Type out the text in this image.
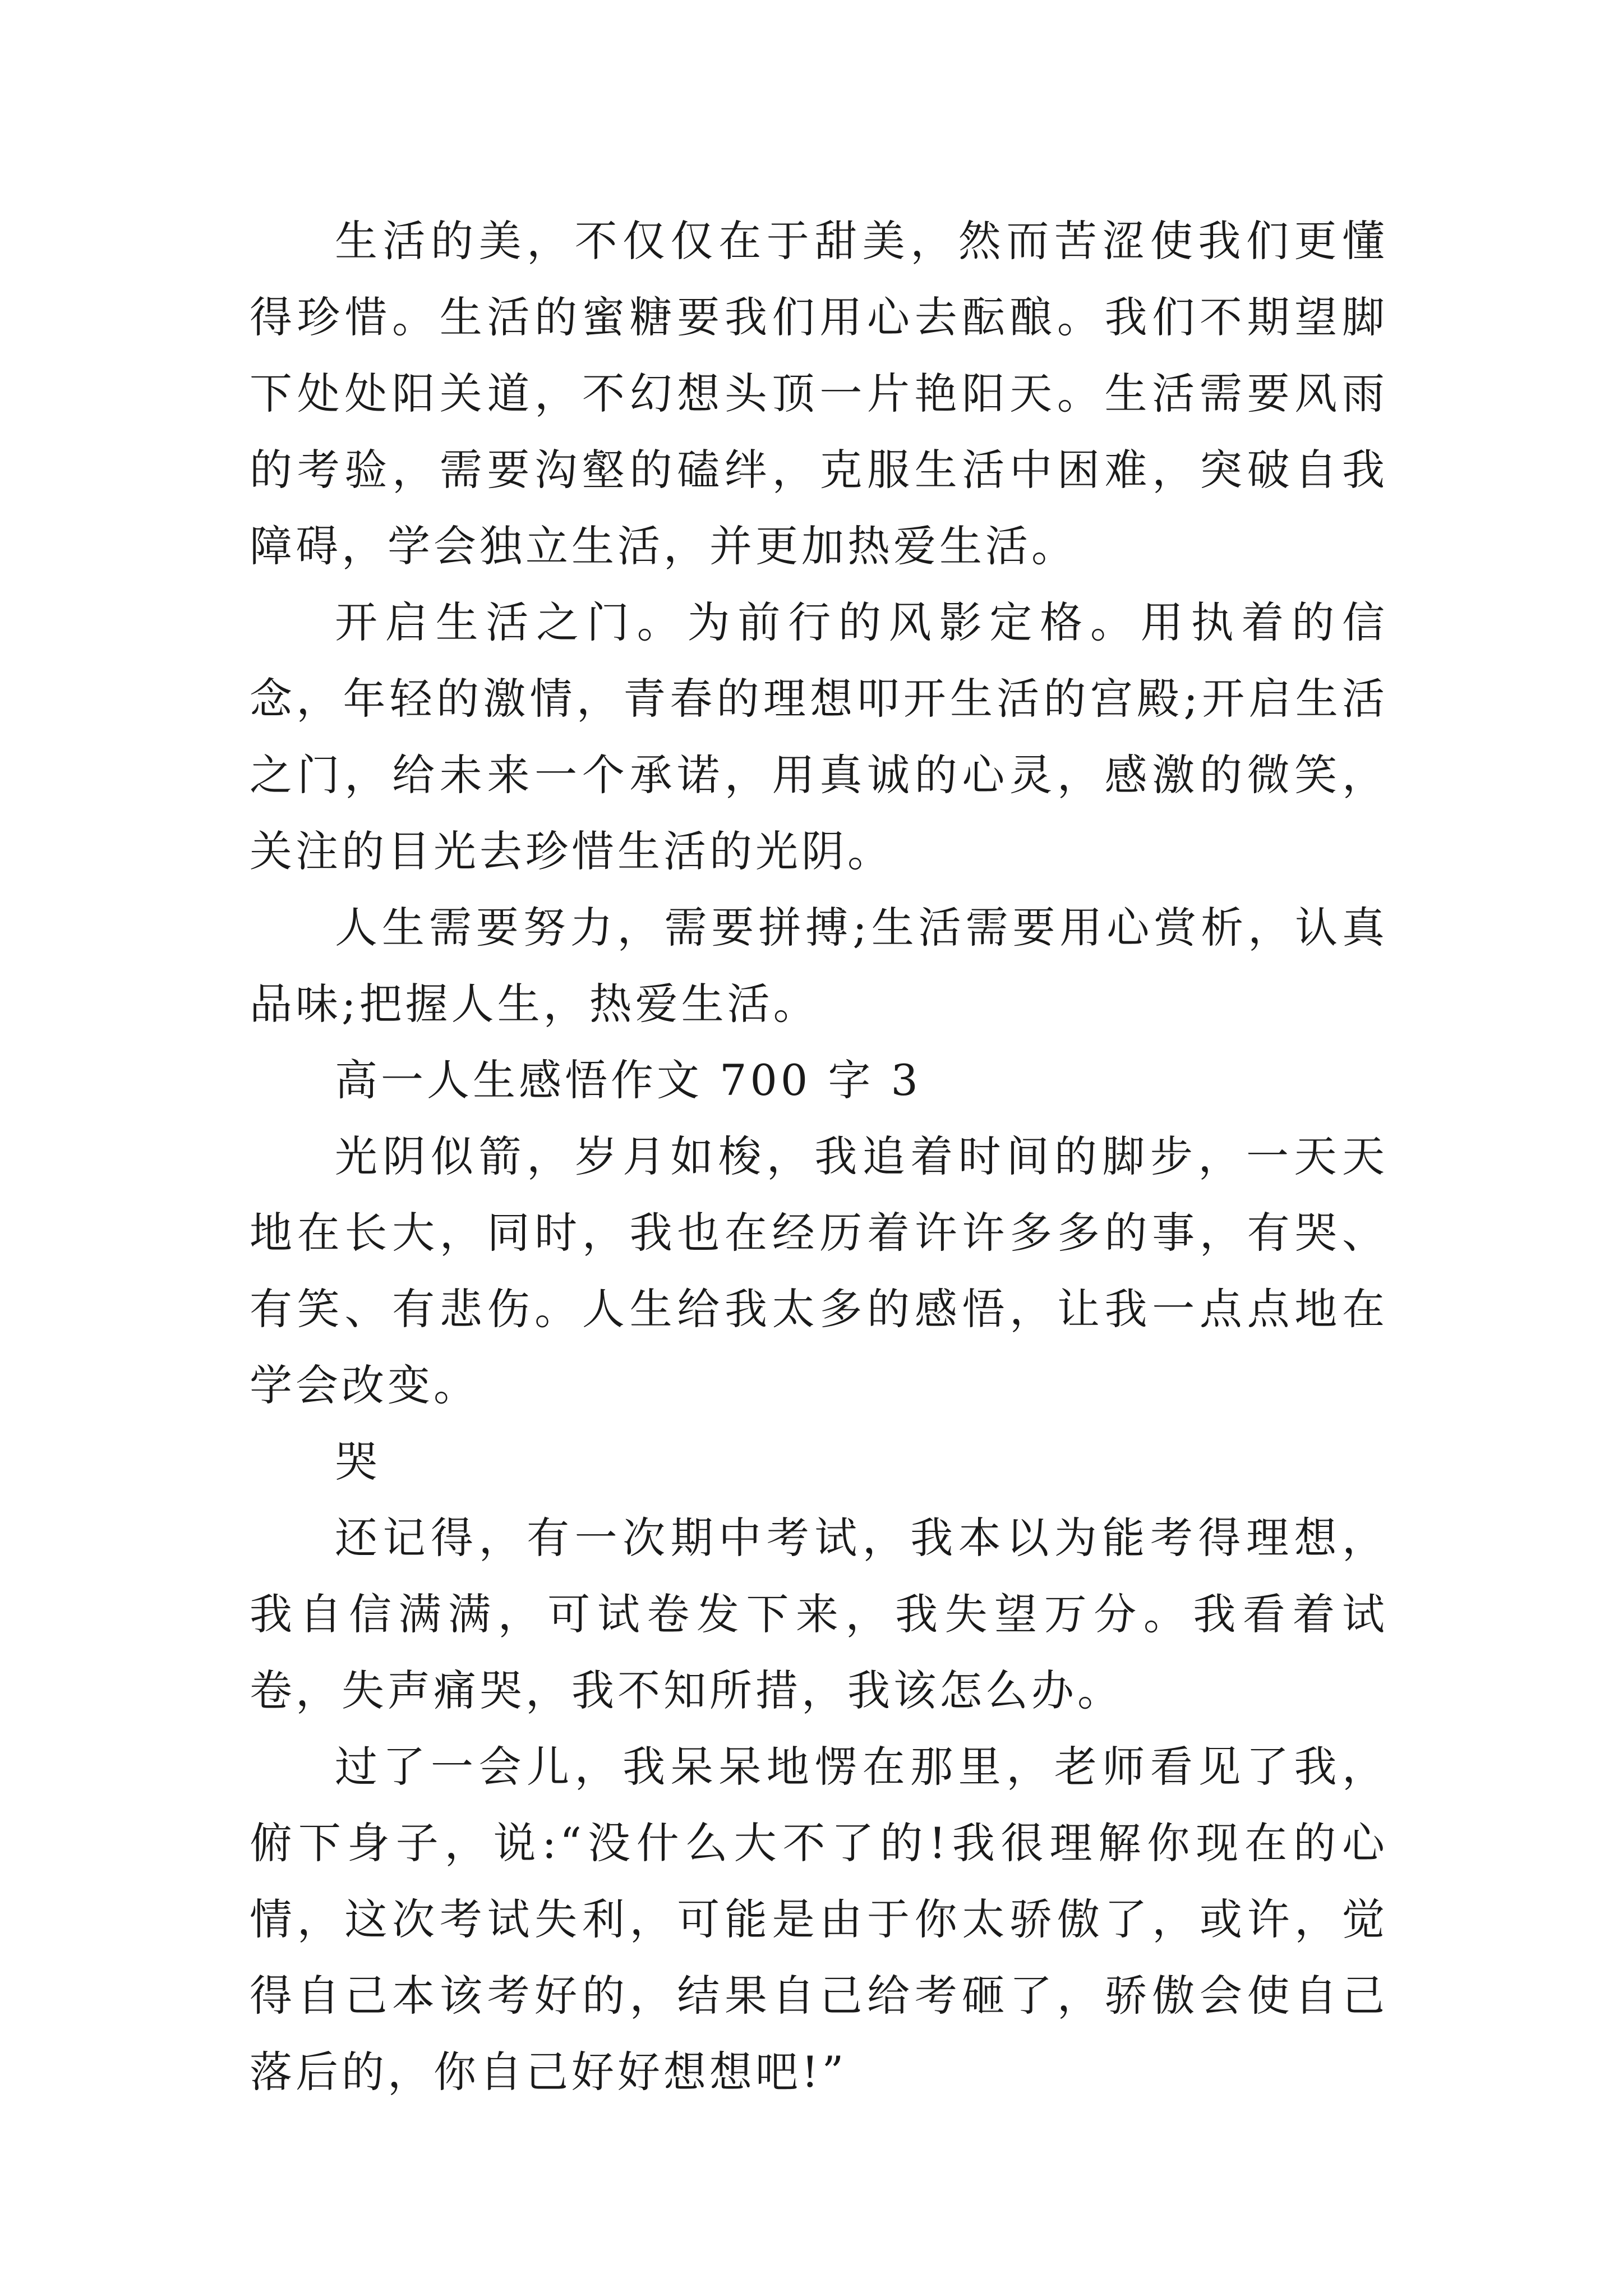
生活的美，不仅仅在于甜美，然而苦涩使我们更懂得珍惜。生活的蜜糖要我们用心去酝酿。我们不期望脚下处处阳关道，不幻想头顶一片艳阳天。生活需要风雨的考验，需要沟壑的磕绊，克服生活中困难，突破自我障碍，学会独立生活，并更加热爱生活。

开启生活之门。为前行的风影定格。用执着的信念，年轻的激情，青春的理想叩开生活的宫殿;开启生活之门，给未来一个承诺，用真诚的心灵，感激的微笑，关注的目光去珍惜生活的光阴。

人生需要努力，需要拼搏;生活需要用心赏析，认真品味;把握人生，热爱生活。

高一人生感悟作文 700 字 3

光阴似箭，岁月如梭，我追着时间的脚步，一天天地在长大，同时，我也在经历着许许多多的事，有哭、有笑、有悲伤。人生给我太多的感悟，让我一点点地在学会改变。

哭

还记得，有一次期中考试，我本以为能考得理想，我自信满满，可试卷发下来，我失望万分。我看着试卷，失声痛哭，我不知所措，我该怎么办。

过了一会儿，我呆呆地愣在那里，老师看见了我，俯下身子，说:“没什么大不了的!我很理解你现在的心情，这次考试失利，可能是由于你太骄傲了，或许，觉得自己本该考好的，结果自己给考砸了，骄傲会使自己落后的，你自己好好想想吧!”
